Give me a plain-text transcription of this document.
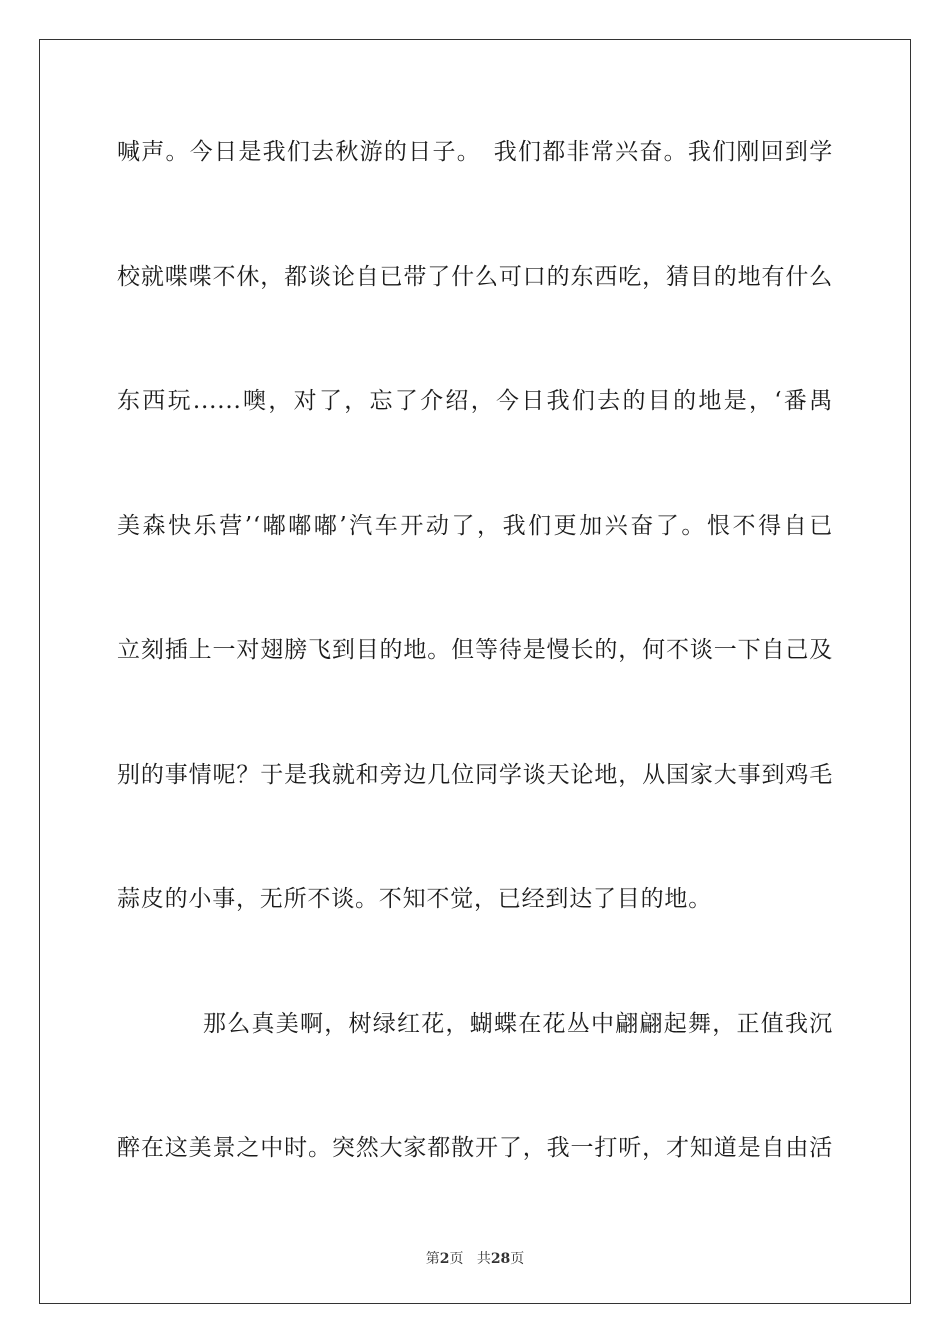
喊声。今日是我们去秋游的日子。　我们都非常兴奋。我们刚回到学
校就喋喋不休，都谈论自已带了什么可口的东西吃，猜目的地有什么
东西玩......噢，对了，忘了介绍，今日我们去的目的地是，‘番禺
美森快乐营’‘嘟嘟嘟’汽车开动了，我们更加兴奋了。恨不得自已
立刻插上一对翅膀飞到目的地。但等待是慢长的，何不谈一下自己及
别的事情呢？于是我就和旁边几位同学谈天论地，从国家大事到鸡毛
蒜皮的小事，无所不谈。不知不觉，已经到达了目的地。
那么真美啊，树绿红花，蝴蝶在花丛中翩翩起舞，正值我沉
醉在这美景之中时。突然大家都散开了，我一打听，才知道是自由活
第2页 共28页
